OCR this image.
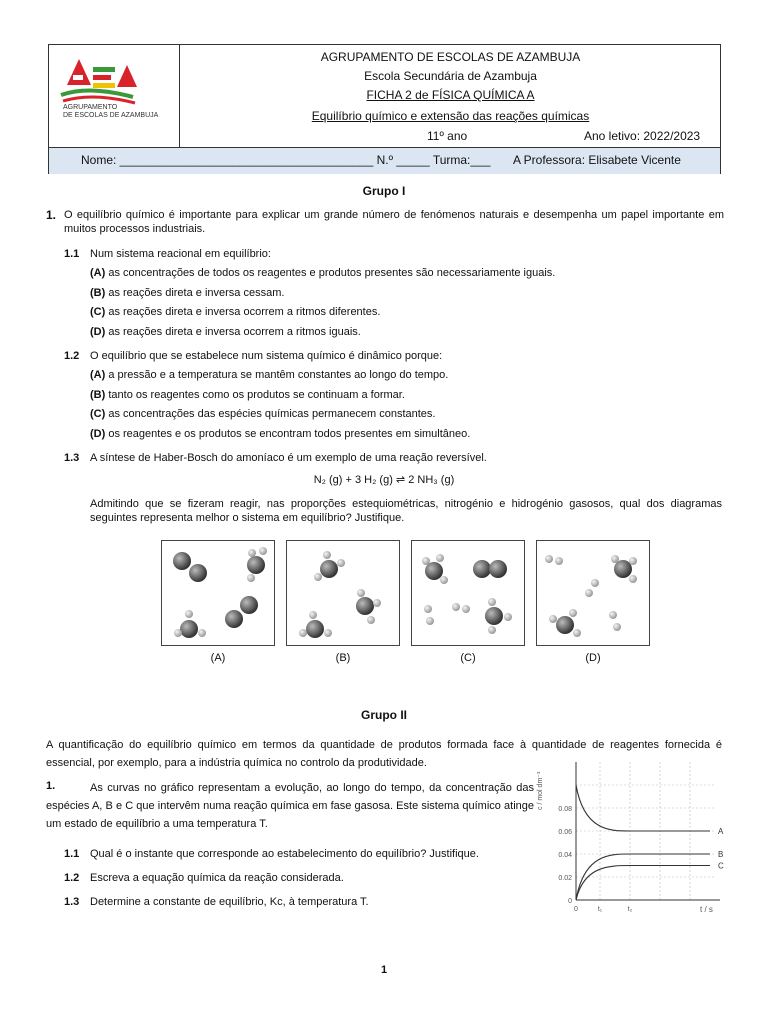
AGRUPAMENTO
DE ESCOLAS DE AZAMBUJA
AGRUPAMENTO DE ESCOLAS DE AZAMBUJA
Escola Secundária de Azambuja
FICHA 2 de FÍSICA QUÍMICA A
Equilíbrio químico e extensão das reações químicas
11º ano	Ano letivo: 2022/2023
Nome: ______________________________________ N.º _____ Turma:___ A Professora: Elisabete Vicente
Grupo I
1. O equilíbrio químico é importante para explicar um grande número de fenómenos naturais e desempenha um papel importante em muitos processos industriais.
1.1 Num sistema reacional em equilíbrio:
(A) as concentrações de todos os reagentes e produtos presentes são necessariamente iguais.
(B) as reações direta e inversa cessam.
(C) as reações direta e inversa ocorrem a ritmos diferentes.
(D) as reações direta e inversa ocorrem a ritmos iguais.
1.2 O equilíbrio que se estabelece num sistema químico é dinâmico porque:
(A) a pressão e a temperatura se mantêm constantes ao longo do tempo.
(B) tanto os reagentes como os produtos se continuam a formar.
(C) as concentrações das espécies químicas permanecem constantes.
(D) os reagentes e os produtos se encontram todos presentes em simultâneo.
1.3 A síntese de Haber-Bosch do amoníaco é um exemplo de uma reação reversível.
N₂ (g) + 3 H₂ (g) ⇌ 2 NH₃ (g)
Admitindo que se fizeram reagir, nas proporções estequiométricas, nitrogénio e hidrogénio gasosos, qual dos diagramas seguintes representa melhor o sistema em equilíbrio? Justifique.
(A)	(B)	(C)	(D)
Grupo II
A quantificação do equilíbrio químico em termos da quantidade de produtos formada face à quantidade de reagentes fornecida é essencial, por exemplo, para a indústria química no controlo da produtividade.
1.	As curvas no gráfico representam a evolução, ao longo do tempo, da concentração das espécies A, B e C que intervêm numa reação química em fase gasosa. Este sistema químico atinge um estado de equilíbrio a uma temperatura T.
1.1 Qual é o instante que corresponde ao estabelecimento do equilíbrio? Justifique.
1.2 Escreva a equação química da reação considerada.
1.3 Determine a constante de equilíbrio, Kc, à temperatura T.	0
0.02
0.04
0.06
0.08
0	t₁	t₂
A
B
C
c / mol dm⁻³
t / s
1
